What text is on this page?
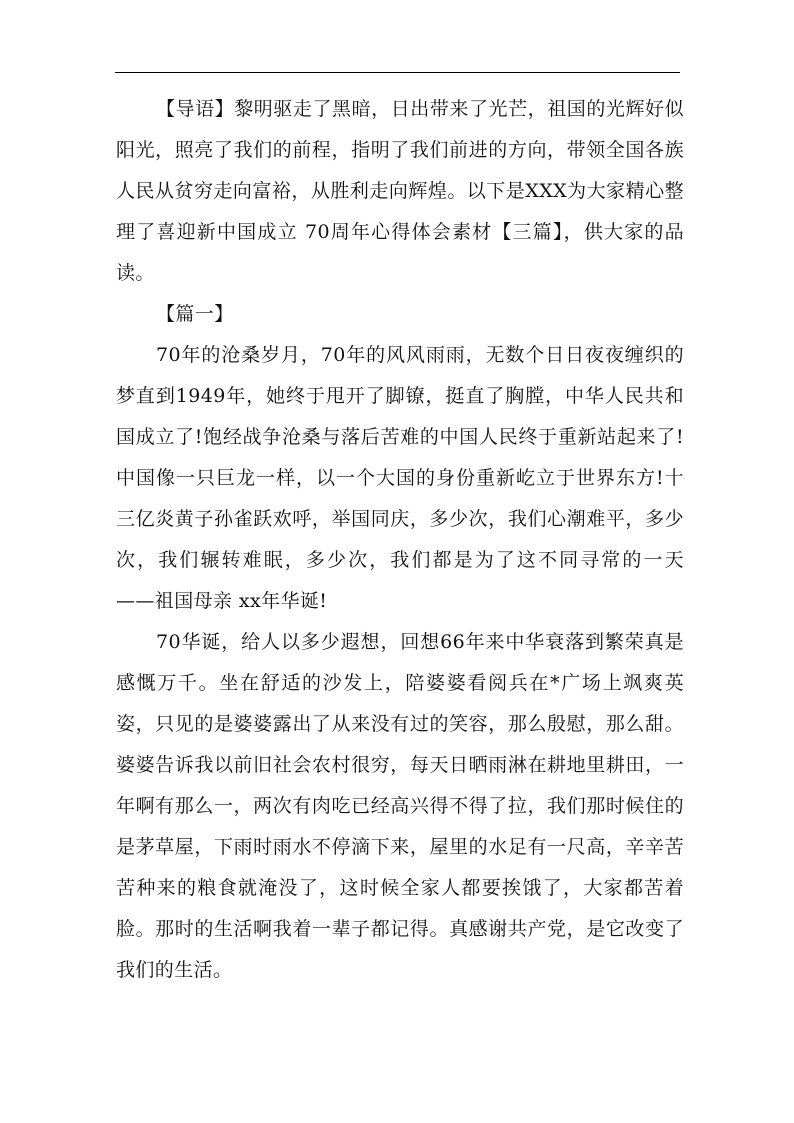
【导语】黎明驱走了黑暗，日出带来了光芒，祖国的光辉好似阳光，照亮了我们的前程，指明了我们前进的方向，带领全国各族人民从贫穷走向富裕，从胜利走向辉煌。以下是XXX为大家精心整理了喜迎新中国成立 70周年心得体会素材【三篇】，供大家的品读。

【篇一】

70年的沧桑岁月，70年的风风雨雨，无数个日日夜夜缠织的梦直到1949年，她终于甩开了脚镣，挺直了胸膛，中华人民共和国成立了!饱经战争沧桑与落后苦难的中国人民终于重新站起来了!中国像一只巨龙一样，以一个大国的身份重新屹立于世界东方!十三亿炎黄子孙雀跃欢呼，举国同庆，多少次，我们心潮难平，多少次，我们辗转难眠，多少次，我们都是为了这不同寻常的一天 ——祖国母亲 xx年华诞!

70华诞，给人以多少遐想，回想66年来中华衰落到繁荣真是感慨万千。坐在舒适的沙发上，陪婆婆看阅兵在*广场上飒爽英姿，只见的是婆婆露出了从来没有过的笑容，那么殷慰，那么甜。婆婆告诉我以前旧社会农村很穷，每天日晒雨淋在耕地里耕田，一年啊有那么一，两次有肉吃已经高兴得不得了拉，我们那时候住的是茅草屋，下雨时雨水不停滴下来，屋里的水足有一尺高，辛辛苦苦种来的粮食就淹没了，这时候全家人都要挨饿了，大家都苦着脸。那时的生活啊我着一辈子都记得。真感谢共产党，是它改变了我们的生活。
